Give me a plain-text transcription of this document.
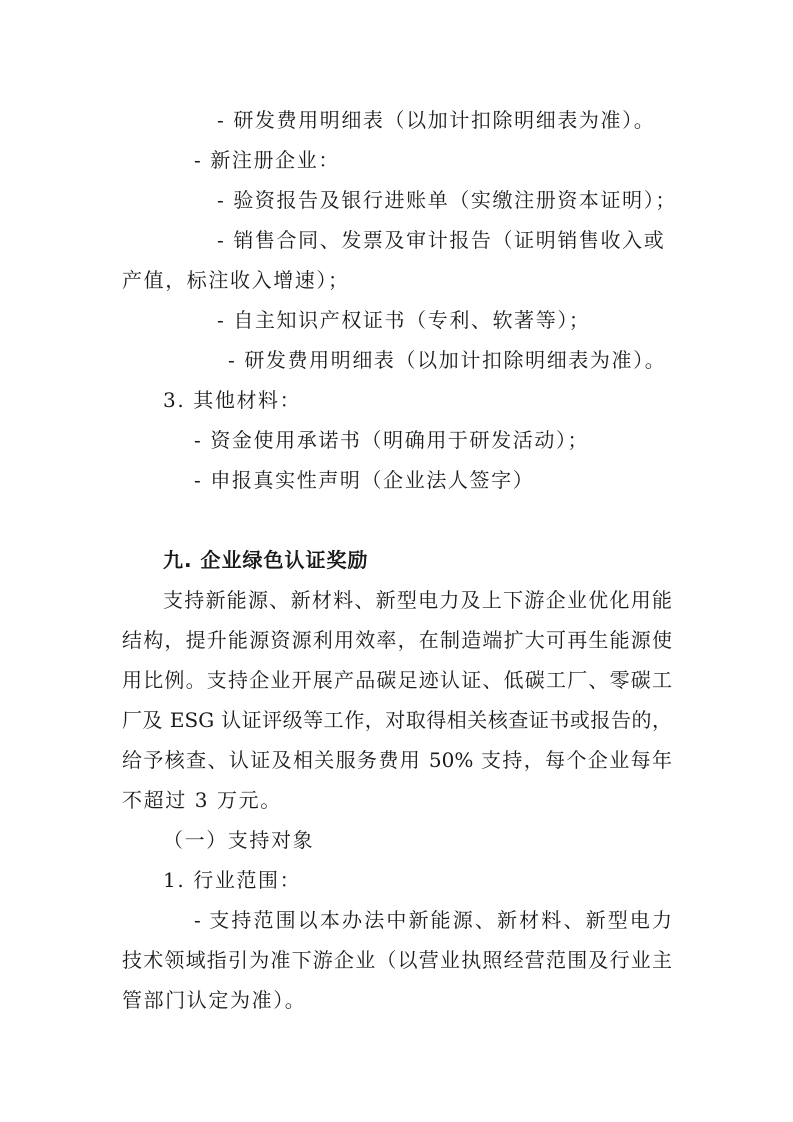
- 研发费用明细表（以加计扣除明细表为准）。
- 新注册企业：
- 验资报告及银行进账单（实缴注册资本证明）；
- 销售合同、发票及审计报告（证明销售收入或
产值，标注收入增速）；
- 自主知识产权证书（专利、软著等）；
- 研发费用明细表（以加计扣除明细表为准）。
3. 其他材料：
- 资金使用承诺书（明确用于研发活动）；
- 申报真实性声明（企业法人签字）
九. 企业绿色认证奖励
支持新能源、新材料、新型电力及上下游企业优化用能
结构，提升能源资源利用效率，在制造端扩大可再生能源使
用比例。支持企业开展产品碳足迹认证、低碳工厂、零碳工
厂及 ESG 认证评级等工作，对取得相关核查证书或报告的，
给予核查、认证及相关服务费用 50% 支持，每个企业每年
不超过 3 万元。
（一）支持对象
1. 行业范围：
- 支持范围以本办法中新能源、新材料、新型电力
技术领域指引为准下游企业（以营业执照经营范围及行业主
管部门认定为准）。
